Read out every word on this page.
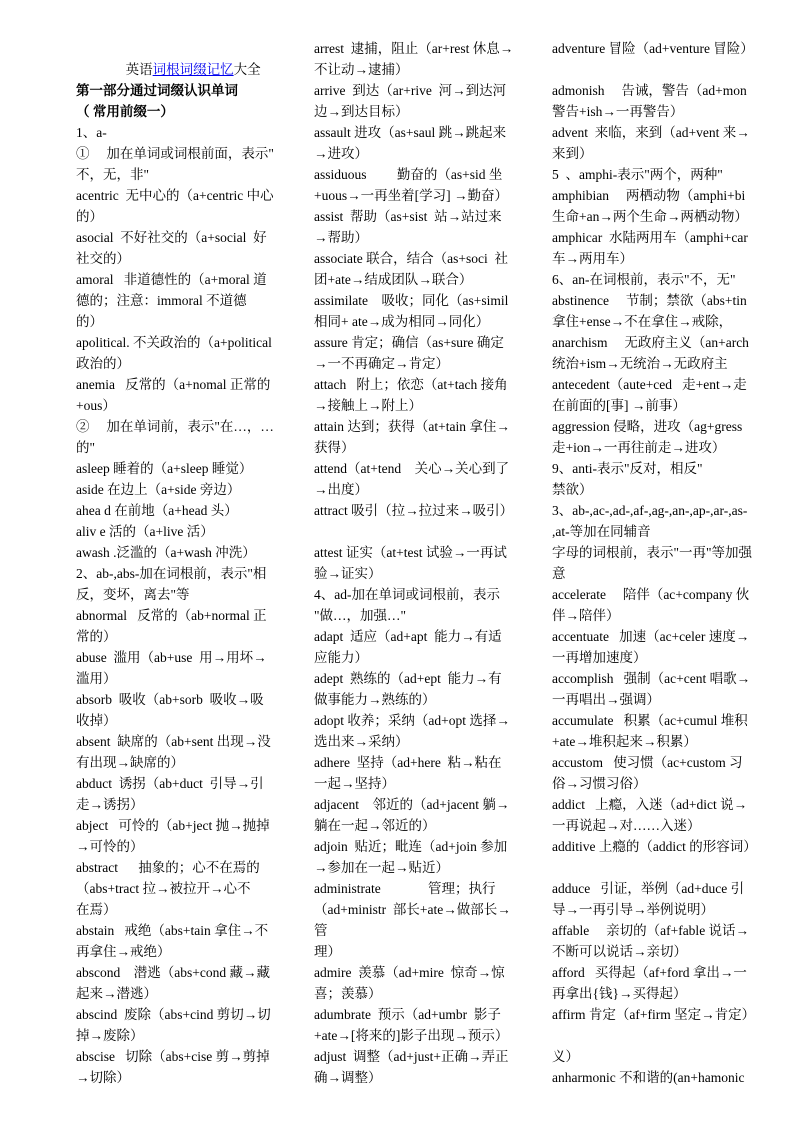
英语词根词缀记忆大全

第一部分通过词缀认识单词
（ 常用前缀一）
1、a-
①　 加在单词或词根前面，表示"
不，无，非"
acentric  无中心的（a+centric 中心
的）
asocial  不好社交的（a+social  好
社交的）
amoral   非道德性的（a+moral 道
德的；注意：immoral 不道德
的）
apolitical. 不关政治的（a+political
政治的）
anemia   反常的（a+nomal 正常的
+ous）
②　 加在单词前，表示"在…，…
的"
asleep 睡着的（a+sleep 睡觉）
aside 在边上（a+side 旁边）
ahea d 在前地（a+head 头）
aliv e 活的（a+live 活）
awash .泛滥的（a+wash 冲洗）
2、ab-,abs-加在词根前，表示"相
反，变坏，离去"等
abnormal   反常的（ab+normal 正
常的）
abuse  滥用（ab+use  用→用坏→
滥用）
absorb  吸收（ab+sorb  吸收→吸
收掉）
absent  缺席的（ab+sent 出现→没
有出现→缺席的）
abduct  诱拐（ab+duct  引导→引
走→诱拐）
abject   可怜的（ab+ject 抛→抛掉
→可怜的）
abstract      抽象的；心不在焉的
（abs+tract 拉→被拉开→心不
在焉）
abstain   戒绝（abs+tain 拿住→不
再拿住→戒绝）
abscond    潜逃（abs+cond 藏→藏
起来→潜逃）
abscind  废除（abs+cind 剪切→切
掉→废除）
abscise   切除（abs+cise 剪→剪掉
→切除）
arrest  逮捕，阻止（ar+rest 休息→
不让动→逮捕）
arrive  到达（ar+rive  河→到达河
边→到达目标）
assault 进攻（as+saul 跳→跳起来
→进攻）
assiduous         勤奋的（as+sid 坐
+uous→一再坐着[学习] →勤奋）
assist  帮助（as+sist  站→站过来
→帮助）
associate 联合，结合（as+soci  社
团+ate→结成团队→联合）
assimilate    吸收；同化（as+simil
相同+ ate→成为相同→同化）
assure 肯定；确信（as+sure 确定
→一不再确定→肯定）
attach   附上；依恋（at+tach 接角
→接触上→附上）
attain 达到；获得（at+tain 拿住→
获得）
attend（at+tend    关心→关心到了
→出度）
attract 吸引（拉→拉过来→吸引）
attest 证实（at+test 试验→一再试
验→证实）
4、ad-加在单词或词根前，表示
"做…，加强…"
adapt  适应（ad+apt  能力→有适
应能力）
adept  熟练的（ad+ept  能力→有
做事能力→熟练的）
adopt 收养；采纳（ad+opt 选择→
选出来→采纳）
adhere  坚持（ad+here  粘→粘在
一起→坚持）
adjacent    邻近的（ad+jacent 躺→
躺在一起→邻近的）
adjoin  贴近；毗连（ad+join 参加
→参加在一起→贴近）
administrate              管理；执行
（ad+ministr  部长+ate→做部长→
管
理）
admire  羡慕（ad+mire  惊奇→惊
喜；羡慕）
adumbrate  预示（ad+umbr  影子
+ate→[将来的]影子出现→预示）
adjust  调整（ad+just+正确→弄正
确→调整）
adventure 冒险（ad+venture 冒险）
admonish     告诫，警告（ad+mon
警告+ish→一再警告）
advent  来临，来到（ad+vent 来→
来到）
5  、amphi-表示"两个，两种"
amphibian     两栖动物（amphi+bi
生命+an→两个生命→两栖动物）
amphicar  水陆两用车（amphi+car
车→两用车）
6、an-在词根前，表示"不，无"
abstinence     节制；禁欲（abs+tin
拿住+ense→不在拿住→戒除，
anarchism     无政府主义（an+arch
统治+ism→无统治→无政府主
antecedent（aute+ced   走+ent→走
在前面的[事] →前事）
aggression 侵略，进攻（ag+gress
走+ion→一再往前走→进攻）
9、anti-表示"反对，相反"
禁欲）
3、ab-,ac-,ad-,af-,ag-,an-,ap-,ar-,as-
,at-等加在同辅音
字母的词根前，表示"一再"等加强
意
accelerate     陪伴（ac+company 伙
伴→陪伴）
accentuate   加速（ac+celer 速度→
一再增加速度）
accomplish   强制（ac+cent 唱歌→
一再唱出→强调）
accumulate   积累（ac+cumul 堆积
+ate→堆积起来→积累）
accustom   使习惯（ac+custom 习
俗→习惯习俗）
addict   上瘾，入迷（ad+dict 说→
一再说起→对……入迷）
additive 上瘾的（addict 的形容词）
adduce   引证，举例（ad+duce 引
导→一再引导→举例说明）
affable     亲切的（af+fable 说话→
不断可以说话→亲切）
afford   买得起（af+ford 拿出→一
再拿出{钱}→买得起）
affirm 肯定（af+firm 坚定→肯定）
义）
anharmonic 不和谐的(an+hamonic
